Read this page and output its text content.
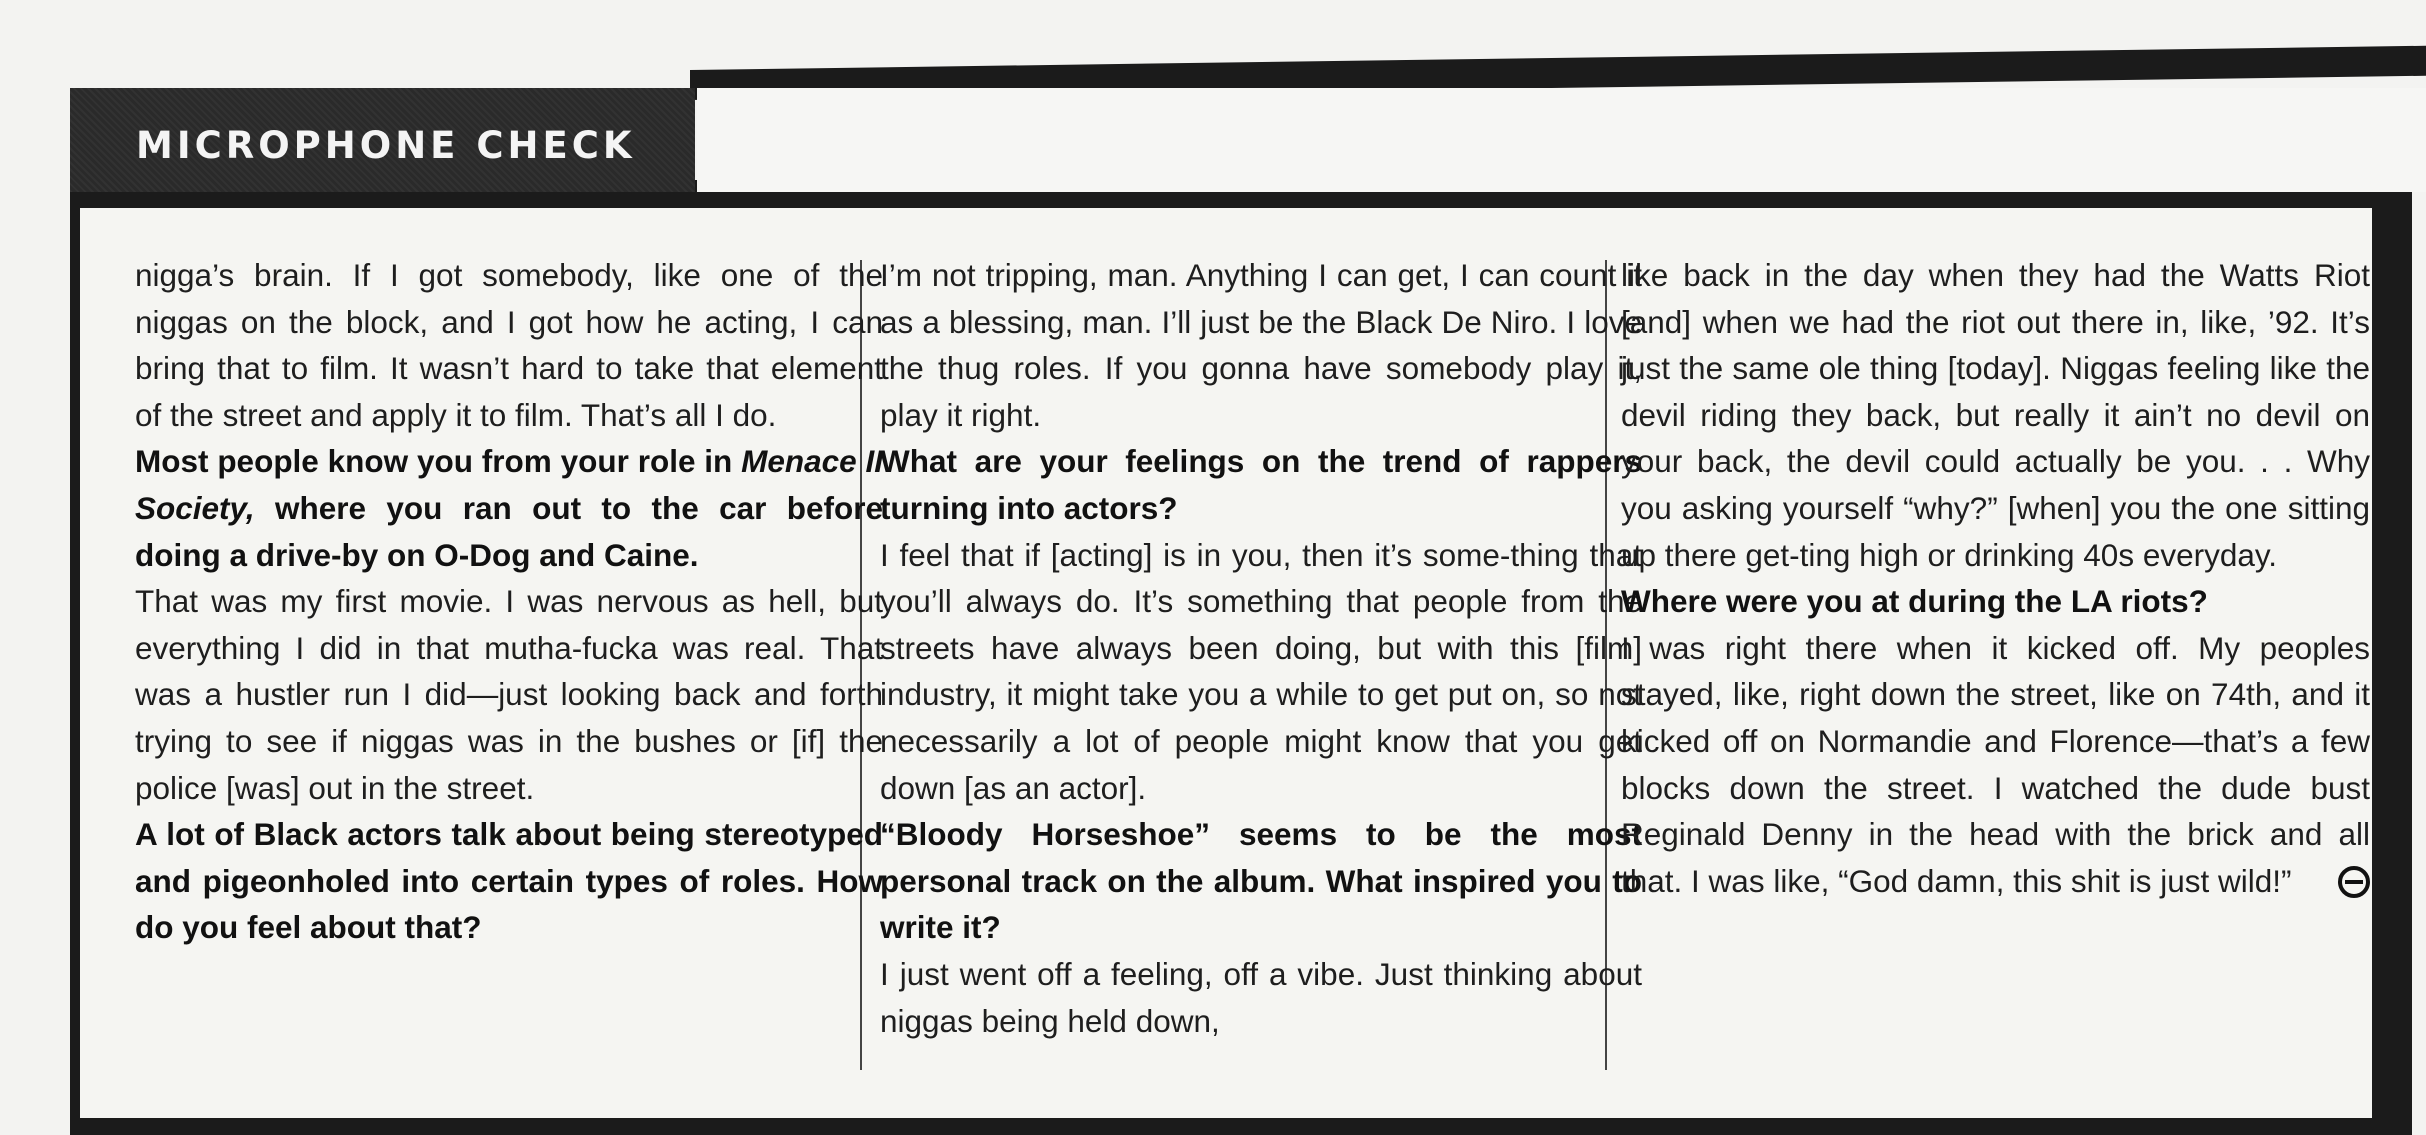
MICROPHONE CHECK

nigga’s brain. If I got somebody, like one of the niggas on the block, and I got how he acting, I can bring that to film. It wasn’t hard to take that element of the street and apply it to film. That’s all I do.

Most people know you from your role in Menace II Society, where you ran out to the car before doing a drive-by on O-Dog and Caine.

That was my first movie. I was nervous as hell, but everything I did in that mutha-fucka was real. That was a hustler run I did—just looking back and forth trying to see if niggas was in the bushes or [if] the police [was] out in the street.

A lot of Black actors talk about being stereotyped and pigeonholed into certain types of roles. How do you feel about that?

I’m not tripping, man. Anything I can get, I can count it as a blessing, man. I’ll just be the Black De Niro. I love the thug roles. If you gonna have somebody play it, play it right.

What are your feelings on the trend of rappers turning into actors?

I feel that if [acting] is in you, then it’s some-thing that you’ll always do. It’s something that people from the streets have always been doing, but with this [film] industry, it might take you a while to get put on, so not necessarily a lot of people might know that you get down [as an actor].

“Bloody Horseshoe” seems to be the most personal track on the album. What inspired you to write it?

I just went off a feeling, off a vibe. Just thinking about niggas being held down,

like back in the day when they had the Watts Riot [and] when we had the riot out there in, like, ’92. It’s just the same ole thing [today]. Niggas feeling like the devil riding they back, but really it ain’t no devil on your back, the devil could actually be you. . . Why you asking yourself “why?” [when] you the one sitting up there get-ting high or drinking 40s everyday.

Where were you at during the LA riots?

I was right there when it kicked off. My peoples stayed, like, right down the street, like on 74th, and it kicked off on Normandie and Florence—that’s a few blocks down the street. I watched the dude bust Reginald Denny in the head with the brick and all that. I was like, “God damn, this shit is just wild!”
